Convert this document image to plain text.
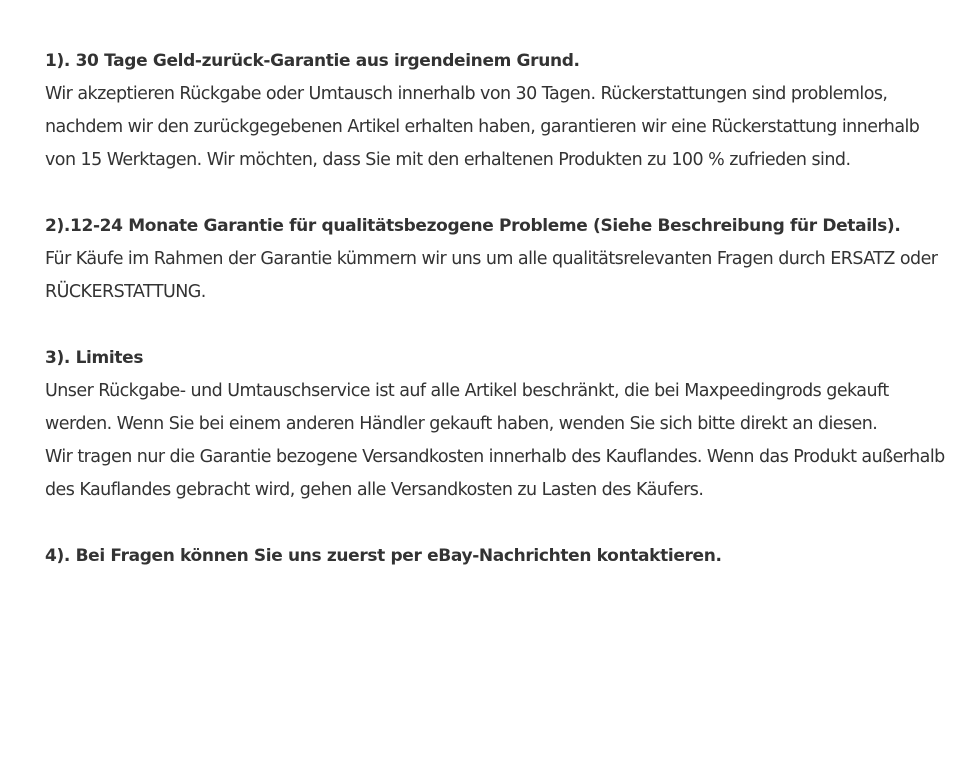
1). 30 Tage Geld-zurück-Garantie aus irgendeinem Grund.

Wir akzeptieren Rückgabe oder Umtausch innerhalb von 30 Tagen. Rückerstattungen sind problemlos, nachdem wir den zurückgegebenen Artikel erhalten haben, garantieren wir eine Rückerstattung innerhalb von 15 Werktagen. Wir möchten, dass Sie mit den erhaltenen Produkten zu 100 % zufrieden sind.

2).12-24 Monate Garantie für qualitätsbezogene Probleme (Siehe Beschreibung für Details).

Für Käufe im Rahmen der Garantie kümmern wir uns um alle qualitätsrelevanten Fragen durch ERSATZ oder RÜCKERSTATTUNG.

3). Limites

Unser Rückgabe- und Umtauschservice ist auf alle Artikel beschränkt, die bei Maxpeedingrods gekauft werden. Wenn Sie bei einem anderen Händler gekauft haben, wenden Sie sich bitte direkt an diesen.

Wir tragen nur die Garantie bezogene Versandkosten innerhalb des Kauflandes. Wenn das Produkt außerhalb des Kauflandes gebracht wird, gehen alle Versandkosten zu Lasten des Käufers.

4). Bei Fragen können Sie uns zuerst per eBay-Nachrichten kontaktieren.
